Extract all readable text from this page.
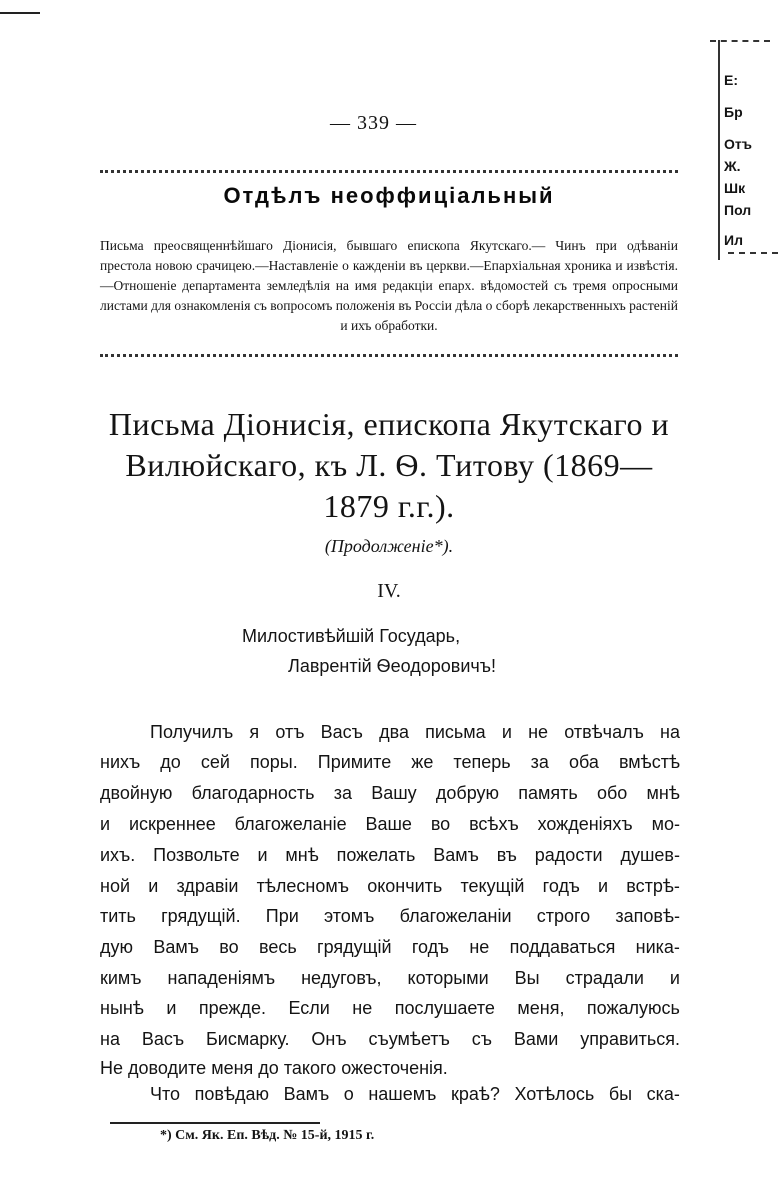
Е:
Бр
Отъ
Ж.
Шк
Пол
Ил
— 339 —
Отдѣлъ неоффиціальный
Письма преосвященнѣйшаго Діонисія, бывшаго епископа Якутскаго.— Чинъ при одѣваніи престола новою срачицею.—Наставленіе о кажденіи въ церкви.—Епархіальная хроника и извѣстія.—Отношеніе департамента земледѣлія на имя редакціи епарх. вѣдомостей съ тремя опросными листами для ознакомленія съ вопросомъ положенія въ Россіи дѣла о сборѣ лекарственныхъ растеній и ихъ обработки.
Письма Діонисія, епископа Якутскаго и Вилюйскаго, къ Л. Ѳ. Титову (1869—1879 г.г.).
(Продолженіе*).
IV.
Милостивѣйшій Государь,
Лаврентій Ѳеодоровичъ!
Получилъ я отъ Васъ два письма и не отвѣчалъ на
нихъ до сей поры. Примите же теперь за оба вмѣстѣ
двойную благодарность за Вашу добрую память обо мнѣ
и искреннее благожеланіе Ваше во всѣхъ хожденіяхъ мо-
ихъ. Позвольте и мнѣ пожелать Вамъ въ радости душев-
ной и здравіи тѣлесномъ окончить текущій годъ и встрѣ-
тить грядущій. При этомъ благожеланіи строго заповѣ-
дую Вамъ во весь грядущій годъ не поддаваться ника-
кимъ нападеніямъ недуговъ, которыми Вы страдали и
нынѣ и прежде. Если не послушаете меня, пожалуюсь
на Васъ Бисмарку. Онъ съумѣетъ съ Вами управиться.
Не доводите меня до такого ожесточенія.
Что повѣдаю Вамъ о нашемъ краѣ? Хотѣлось бы ска-
*) См. Як. Еп. Вѣд. № 15-й, 1915 г.
